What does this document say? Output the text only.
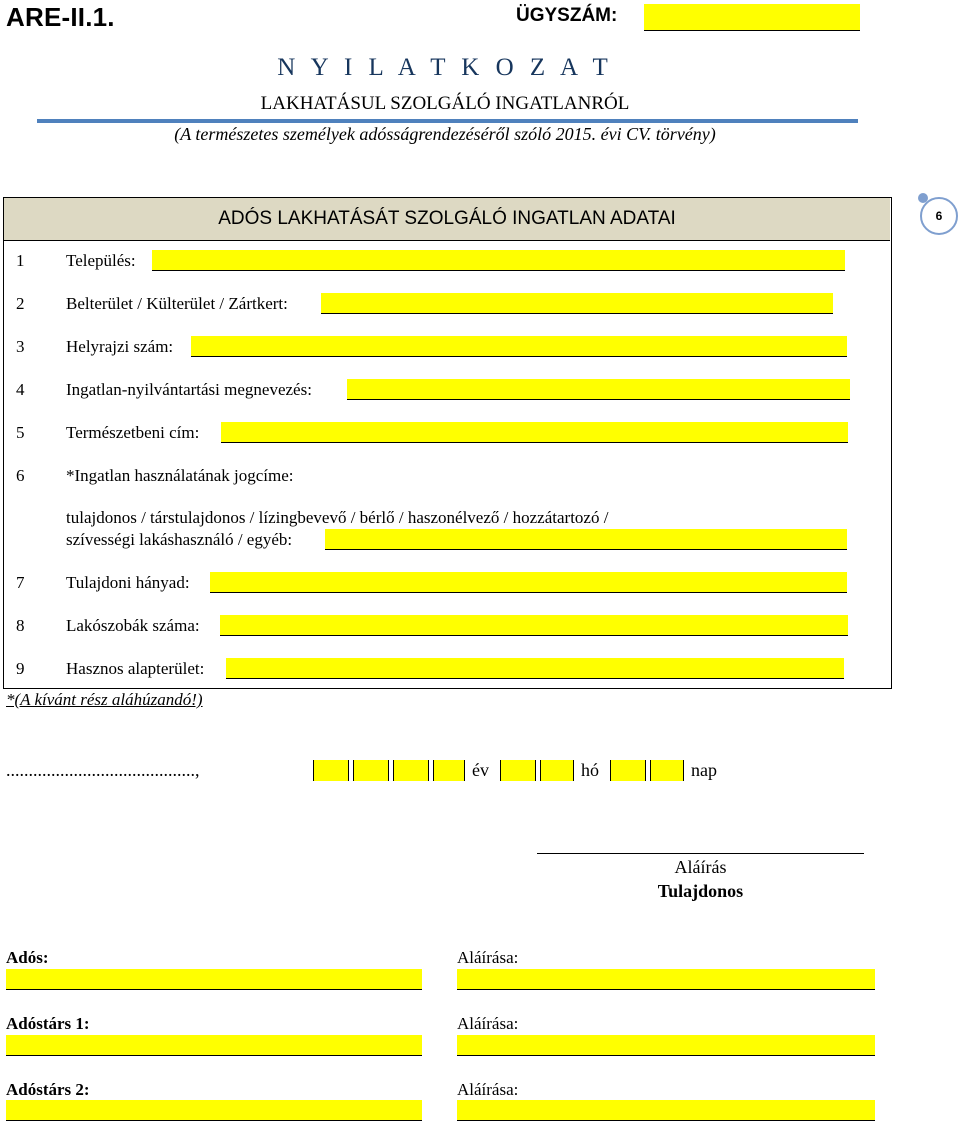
ARE-II.1.	ÜGYSZÁM:
N Y I L A T K O Z A T
LAKHATÁSUL SZOLGÁLÓ INGATLANRÓL
(A természetes személyek adósságrendezéséről szóló 2015. évi CV. törvény)
6
ADÓS LAKHATÁSÁT SZOLGÁLÓ INGATLAN ADATAI
1 Település:
2 Belterület / Külterület / Zártkert:
3 Helyrajzi szám:
4 Ingatlan-nyilvántartási megnevezés:
5 Természetbeni cím:
6 *Ingatlan használatának jogcíme:
tulajdonos / társtulajdonos / lízingbevevő / bérlő / haszonélvező / hozzátartozó /
szívességi lakáshasználó / egyéb:
7 Tulajdoni hányad:
8 Lakószobák száma:
9 Hasznos alapterület:
*(A kívánt rész aláhúzandó!)
..........................................,	év	hó	nap
Aláírás
Tulajdonos
Adós:	Aláírása:
Adóstárs 1:	Aláírása:
Adóstárs 2:	Aláírása:
